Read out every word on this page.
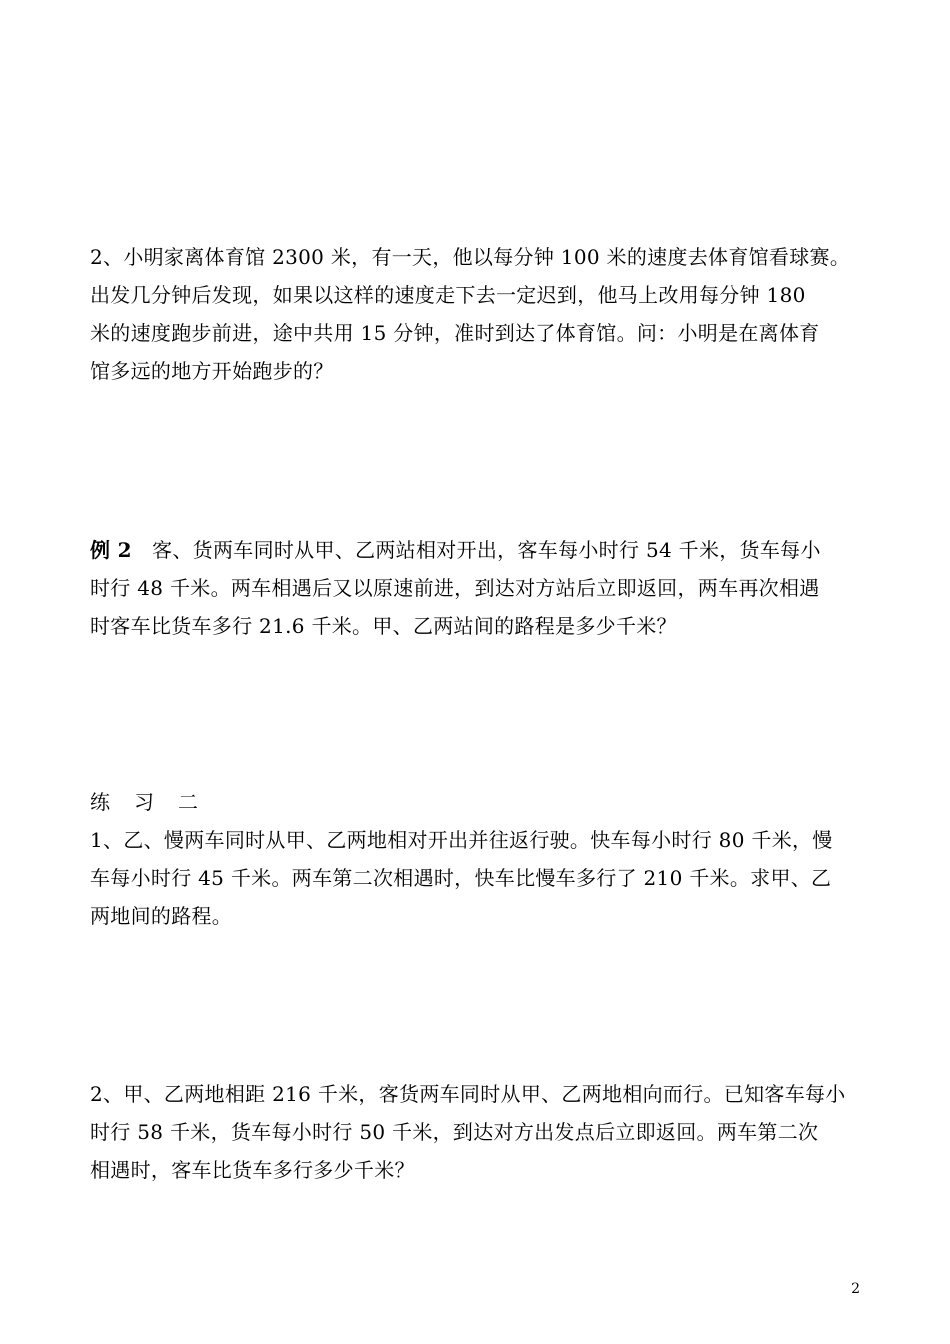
2、小明家离体育馆 2300 米，有一天，他以每分钟 100 米的速度去体育馆看球赛。
出发几分钟后发现，如果以这样的速度走下去一定迟到，他马上改用每分钟 180
米的速度跑步前进，途中共用 15 分钟，准时到达了体育馆。问：小明是在离体育
馆多远的地方开始跑步的？
例 2　客、货两车同时从甲、乙两站相对开出，客车每小时行 54 千米，货车每小
时行 48 千米。两车相遇后又以原速前进，到达对方站后立即返回，两车再次相遇
时客车比货车多行 21.6 千米。甲、乙两站间的路程是多少千米？
练习二
1、乙、慢两车同时从甲、乙两地相对开出并往返行驶。快车每小时行 80 千米，慢
车每小时行 45 千米。两车第二次相遇时，快车比慢车多行了 210 千米。求甲、乙
两地间的路程。
2、甲、乙两地相距 216 千米，客货两车同时从甲、乙两地相向而行。已知客车每小
时行 58 千米，货车每小时行 50 千米，到达对方出发点后立即返回。两车第二次
相遇时，客车比货车多行多少千米？
2
